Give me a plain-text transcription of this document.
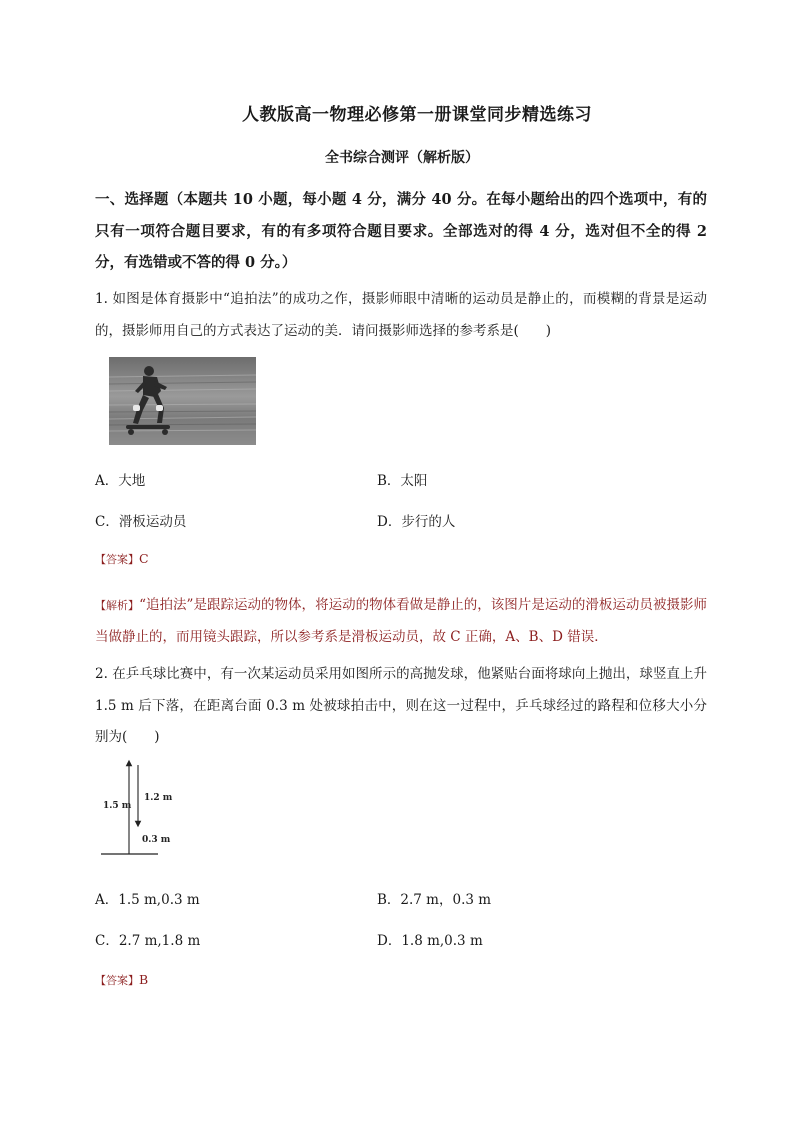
人教版高一物理必修第一册课堂同步精选练习
全书综合测评（解析版）
一、选择题（本题共 10 小题，每小题 4 分，满分 40 分。在每小题给出的四个选项中，有的只有一项符合题目要求，有的有多项符合题目要求。全部选对的得 4 分，选对但不全的得 2 分，有选错或不答的得 0 分。）
1. 如图是体育摄影中“追拍法”的成功之作，摄影师眼中清晰的运动员是静止的，而模糊的背景是运动的，摄影师用自己的方式表达了运动的美．请问摄影师选择的参考系是(　　)
A．大地	B．太阳
C．滑板运动员	D．步行的人
【答案】C
【解析】“追拍法”是跟踪运动的物体，将运动的物体看做是静止的，该图片是运动的滑板运动员被摄影师当做静止的，而用镜头跟踪，所以参考系是滑板运动员，故 C 正确，A、B、D 错误．
2. 在乒乓球比赛中，有一次某运动员采用如图所示的高抛发球，他紧贴台面将球向上抛出，球竖直上升 1.5 m 后下落，在距离台面 0.3 m 处被球拍击中，则在这一过程中，乒乓球经过的路程和位移大小分别为(　　)
1.5 m
1.2 m
0.3 m
A．1.5 m,0.3 m	B．2.7 m，0.3 m
C．2.7 m,1.8 m	D．1.8 m,0.3 m
【答案】B
